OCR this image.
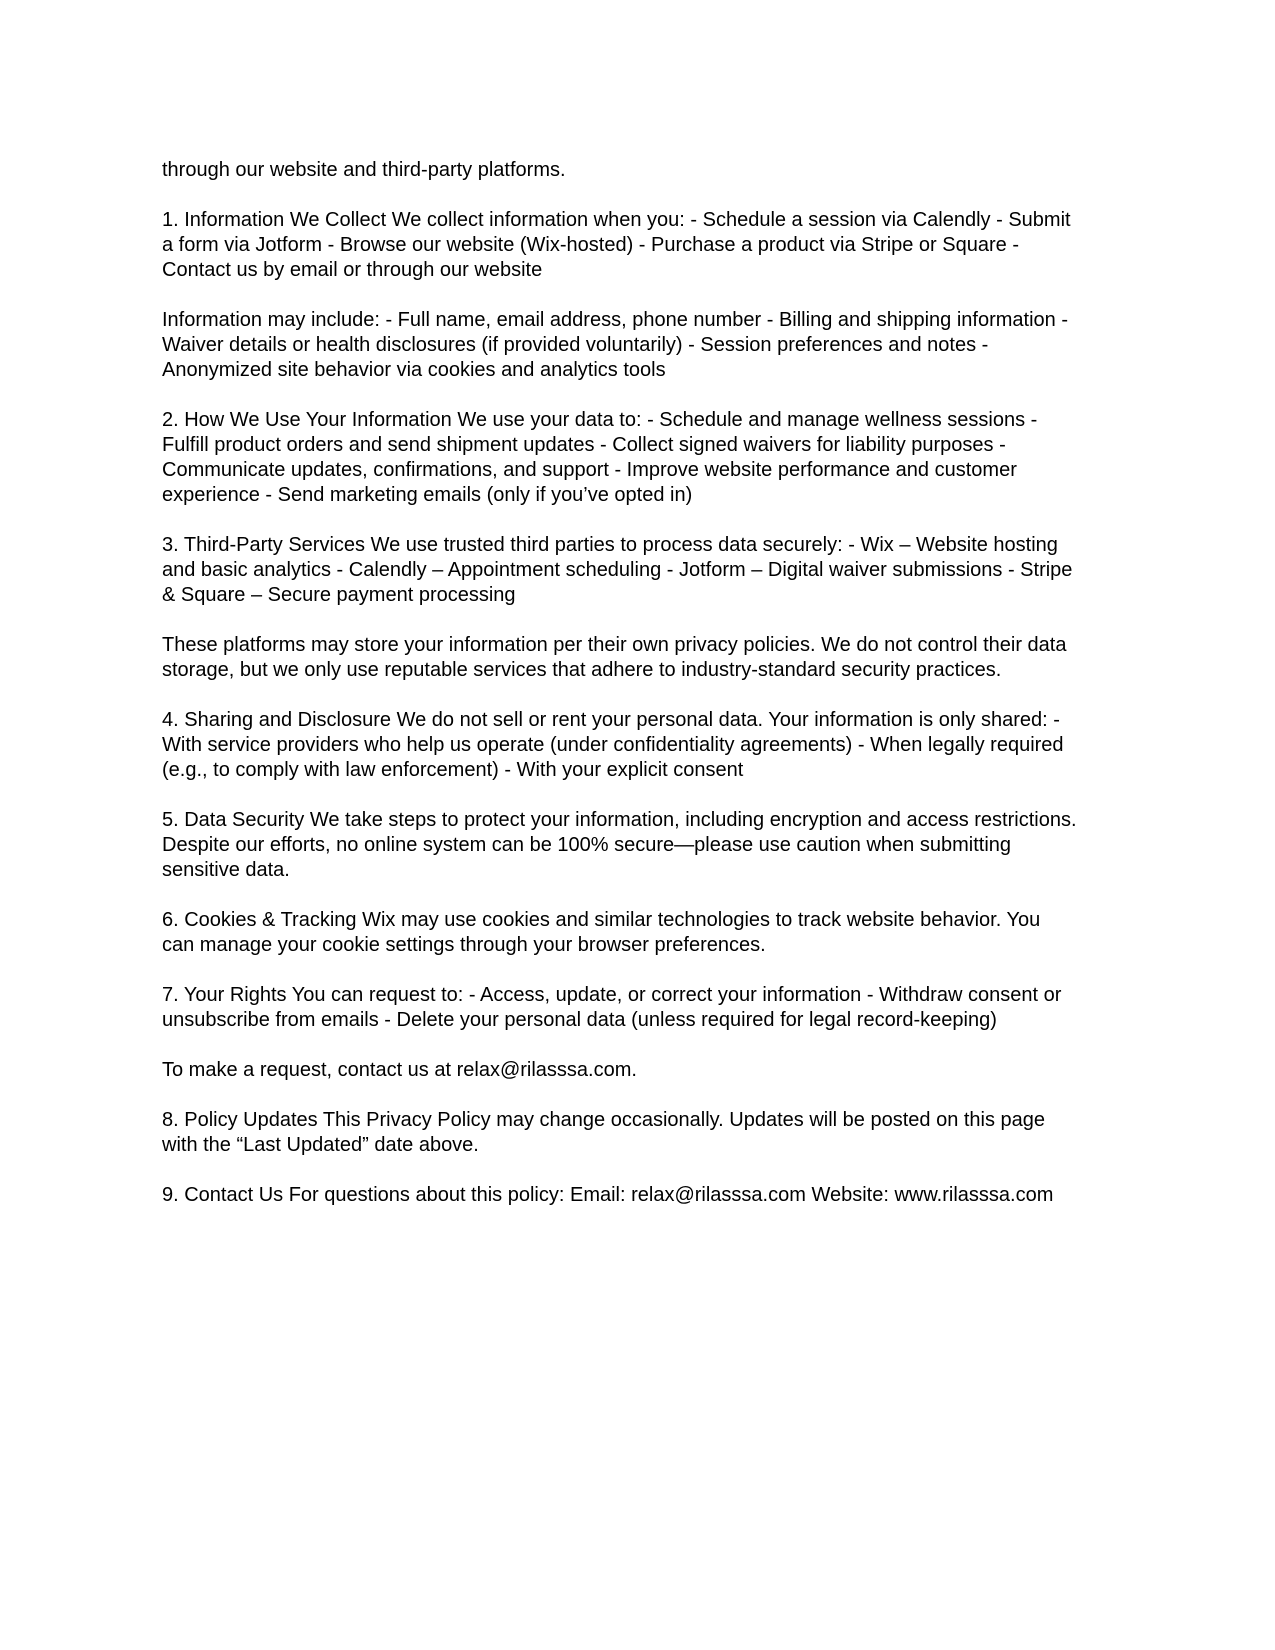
through our website and third-party platforms.
1. Information We Collect We collect information when you: - Schedule a session via Calendly - Submit
a form via Jotform - Browse our website (Wix-hosted) - Purchase a product via Stripe or Square -
Contact us by email or through our website
Information may include: - Full name, email address, phone number - Billing and shipping information -
Waiver details or health disclosures (if provided voluntarily) - Session preferences and notes -
Anonymized site behavior via cookies and analytics tools
2. How We Use Your Information We use your data to: - Schedule and manage wellness sessions -
Fulfill product orders and send shipment updates - Collect signed waivers for liability purposes -
Communicate updates, confirmations, and support - Improve website performance and customer
experience - Send marketing emails (only if you’ve opted in)
3. Third-Party Services We use trusted third parties to process data securely: - Wix – Website hosting
and basic analytics - Calendly – Appointment scheduling - Jotform – Digital waiver submissions - Stripe
& Square – Secure payment processing
These platforms may store your information per their own privacy policies. We do not control their data
storage, but we only use reputable services that adhere to industry-standard security practices.
4. Sharing and Disclosure We do not sell or rent your personal data. Your information is only shared: -
With service providers who help us operate (under confidentiality agreements) - When legally required
(e.g., to comply with law enforcement) - With your explicit consent
5. Data Security We take steps to protect your information, including encryption and access restrictions.
Despite our efforts, no online system can be 100% secure—please use caution when submitting
sensitive data.
6. Cookies & Tracking Wix may use cookies and similar technologies to track website behavior. You
can manage your cookie settings through your browser preferences.
7. Your Rights You can request to: - Access, update, or correct your information - Withdraw consent or
unsubscribe from emails - Delete your personal data (unless required for legal record-keeping)
To make a request, contact us at relax@rilasssa.com.
8. Policy Updates This Privacy Policy may change occasionally. Updates will be posted on this page
with the “Last Updated” date above.
9. Contact Us For questions about this policy: Email: relax@rilasssa.com Website: www.rilasssa.com
